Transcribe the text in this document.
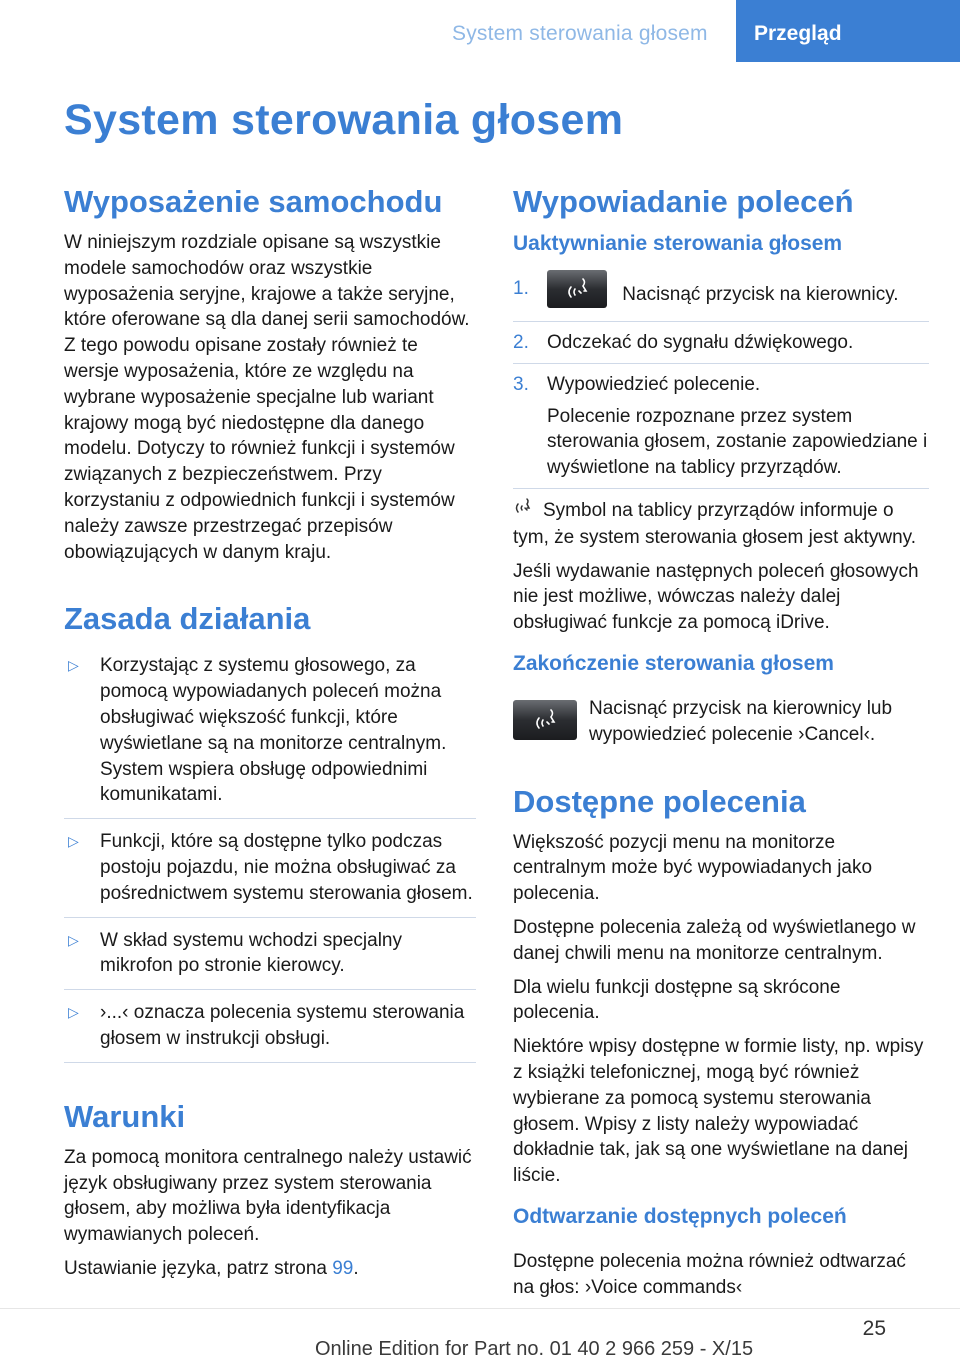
System sterowania głosem	Przegląd
System sterowania głosem
Wyposażenie samochodu

W niniejszym rozdziale opisane są wszystkie modele samochodów oraz wszystkie wyposażenia seryjne, krajowe a także seryjne, które oferowane są dla danej serii samochodów. Z tego powodu opisane zostały również te wersje wyposażenia, które ze względu na wybrane wyposażenie specjalne lub wariant krajowy mogą być niedostępne dla danego modelu. Dotyczy to również funkcji i systemów związanych z bezpieczeństwem. Przy korzystaniu z odpowiednich funkcji i systemów należy zawsze przestrzegać przepisów obowiązujących w danym kraju.

Zasada działania
▷ Korzystając z systemu głosowego, za pomocą wypowiadanych poleceń można obsługiwać większość funkcji, które wyświetlane są na monitorze centralnym. System wspiera obsługę odpowiednimi komunikatami.
▷ Funkcji, które są dostępne tylko podczas postoju pojazdu, nie można obsługiwać za pośrednictwem systemu sterowania głosem.
▷ W skład systemu wchodzi specjalny mikrofon po stronie kierowcy.
▷ ›...‹ oznacza polecenia systemu sterowania głosem w instrukcji obsługi.
Warunki

Za pomocą monitora centralnego należy ustawić język obsługiwany przez system sterowania głosem, aby możliwa była identyfikacja wymawianych poleceń.

Ustawianie języka, patrz strona 99.

Wypowiadanie poleceń
Uaktywnianie sterowania głosem
1.	Nacisnąć przycisk na kierownicy.
2. Odczekać do sygnału dźwiękowego.
3. Wypowiedzieć polecenie.
Polecenie rozpoznane przez system sterowania głosem, zostanie zapowiedziane i wyświetlone na tablicy przyrządów.

Symbol na tablicy przyrządów informuje o tym, że system sterowania głosem jest aktywny.

Jeśli wydawanie następnych poleceń głosowych nie jest możliwe, wówczas należy dalej obsługiwać funkcje za pomocą iDrive.

Zakończenie sterowania głosem

Nacisnąć przycisk na kierownicy lub wypowiedzieć polecenie ›Cancel‹.

Dostępne polecenia

Większość pozycji menu na monitorze centralnym może być wypowiadanych jako polecenia.

Dostępne polecenia zależą od wyświetlanego w danej chwili menu na monitorze centralnym.

Dla wielu funkcji dostępne są skrócone polecenia.

Niektóre wpisy dostępne w formie listy, np. wpisy z książki telefonicznej, mogą być również wybierane za pomocą systemu sterowania głosem. Wpisy z listy należy wypowiadać dokładnie tak, jak są one wyświetlane na danej liście.

Odtwarzanie dostępnych poleceń

Dostępne polecenia można również odtwarzać na głos: ›Voice commands‹

25
Online Edition for Part no. 01 40 2 966 259 - X/15
